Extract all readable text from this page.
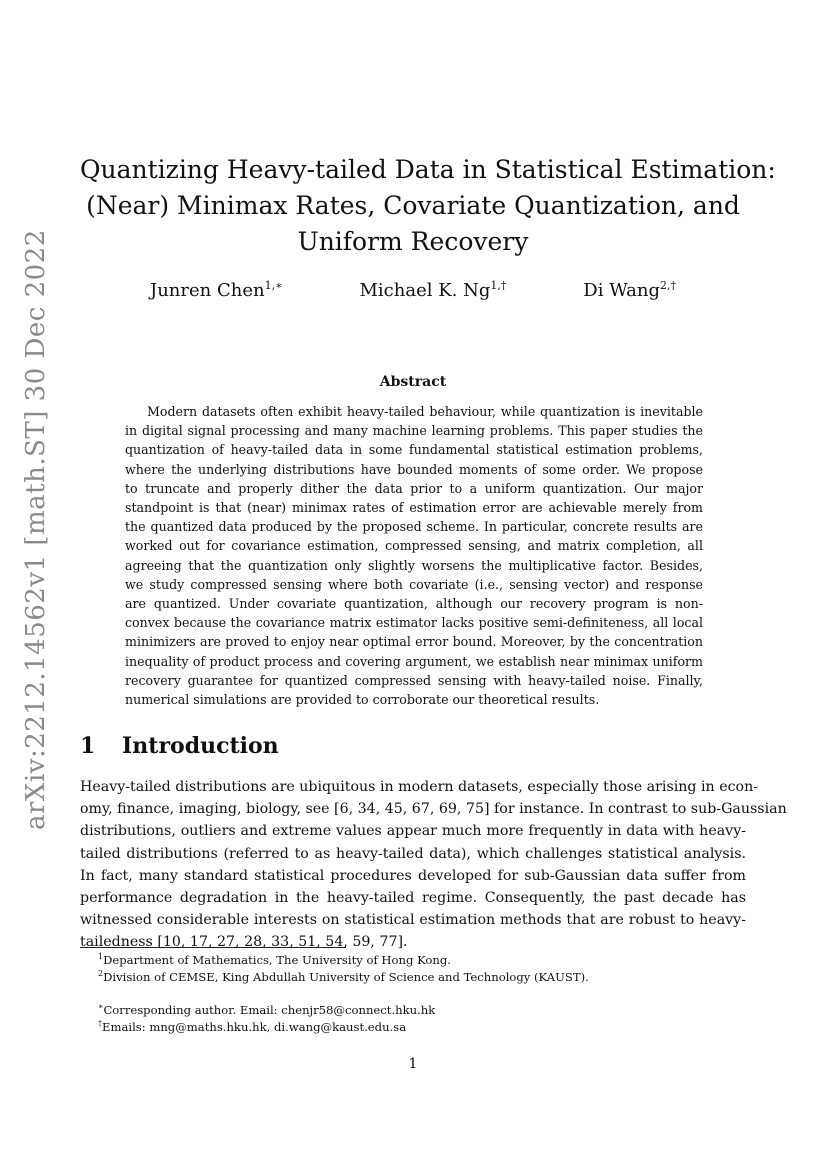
arXiv:2212.14562v1 [math.ST] 30 Dec 2022
Quantizing Heavy-tailed Data in Statistical Estimation:
(Near) Minimax Rates, Covariate Quantization, and
Uniform Recovery
Junren Chen$^{1,∗}$	Michael K. $Ng^{1,\dagger}$	Di Wang$^{2,\dagger}$
Abstract
Modern datasets often exhibit heavy-tailed behaviour, while quantization is inevitable
in digital signal processing and many machine learning problems. This paper studies the
quantization of heavy-tailed data in some fundamental statistical estimation problems,
where the underlying distributions have bounded moments of some order. We propose
to truncate and properly dither the data prior to a uniform quantization. Our major
standpoint is that (near) minimax rates of estimation error are achievable merely from
the quantized data produced by the proposed scheme. In particular, concrete results are
worked out for covariance estimation, compressed sensing, and matrix completion, all
agreeing that the quantization only slightly worsens the multiplicative factor. Besides,
we study compressed sensing where both covariate (i.e., sensing vector) and response
are quantized. Under covariate quantization, although our recovery program is non-
convex because the covariance matrix estimator lacks positive semi-definiteness, all local
minimizers are proved to enjoy near optimal error bound. Moreover, by the concentration
inequality of product process and covering argument, we establish near minimax uniform
recovery guarantee for quantized compressed sensing with heavy-tailed noise. Finally,
numerical simulations are provided to corroborate our theoretical results.
1 Introduction
Heavy-tailed distributions are ubiquitous in modern datasets, especially those arising in econ-
omy, finance, imaging, biology, see [6, 34, 45, 67, 69, 75] for instance. In contrast to sub-Gaussian
distributions, outliers and extreme values appear much more frequently in data with heavy-
tailed distributions (referred to as heavy-tailed data), which challenges statistical analysis.
In fact, many standard statistical procedures developed for sub-Gaussian data suffer from
performance degradation in the heavy-tailed regime. Consequently, the past decade has
witnessed considerable interests on statistical estimation methods that are robust to heavy-
tailedness [10, 17, 27, 28, 33, 51, 54, 59, 77].
$^1$Department of Mathematics, The University of Hong Kong.
$^2$Division of CEMSE, King Abdullah University of Science and Technology (KAUST).
∗Corresponding author. Email: chenjr58@connect.hku.hk
†Emails: mng@maths.hku.hk, di.wang@kaust.edu.sa
1
